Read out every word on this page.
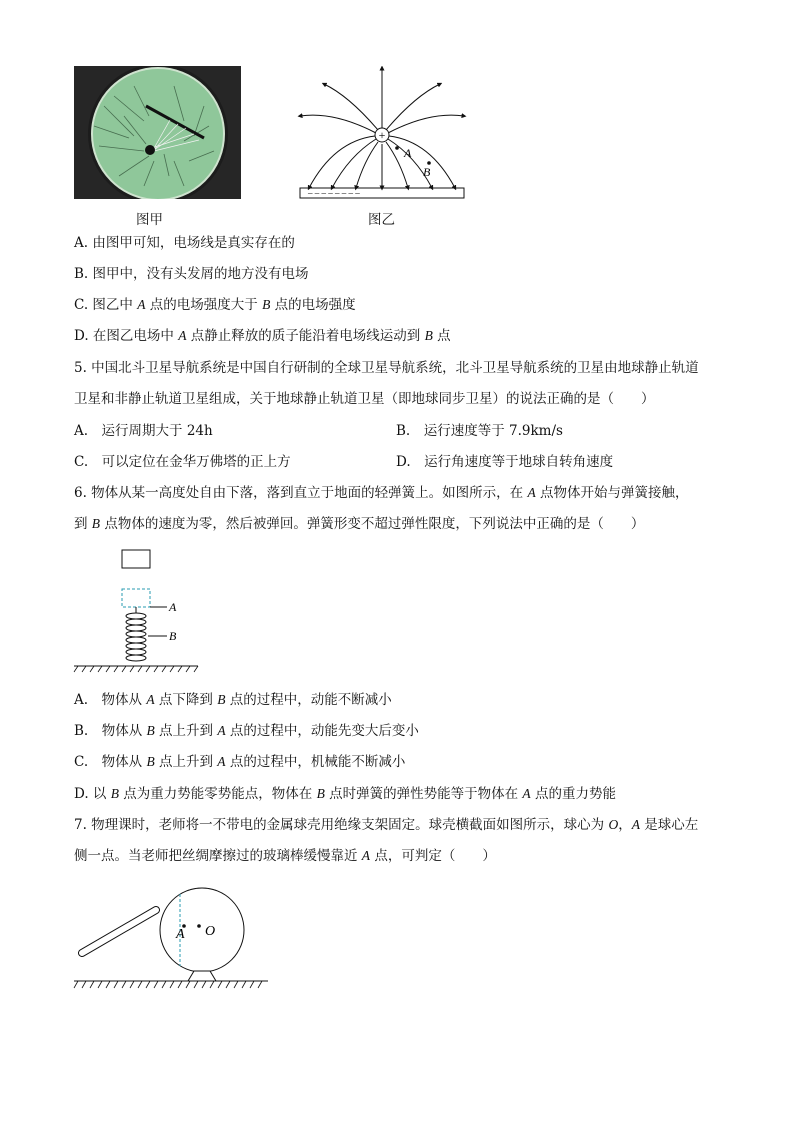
图甲
+
A
B
– – – – – – – –
图乙
A. 由图甲可知，电场线是真实存在的
B. 图甲中，没有头发屑的地方没有电场
C. 图乙中 A 点的电场强度大于 B 点的电场强度
D. 在图乙电场中 A 点静止释放的质子能沿着电场线运动到 B 点
5. 中国北斗卫星导航系统是中国自行研制的全球卫星导航系统，北斗卫星导航系统的卫星由地球静止轨道
卫星和非静止轨道卫星组成，关于地球静止轨道卫星（即地球同步卫星）的说法正确的是（　　）
A.　运行周期大于 24h	B.　运行速度等于 7.9km/s
C.　可以定位在金华万佛塔的正上方	D.　运行角速度等于地球自转角速度
6. 物体从某一高度处自由下落，落到直立于地面的轻弹簧上。如图所示，在 A 点物体开始与弹簧接触，
到 B 点物体的速度为零，然后被弹回。弹簧形变不超过弹性限度，下列说法中正确的是（　　）
A
B
A.　物体从 A 点下降到 B 点的过程中，动能不断减小
B.　物体从 B 点上升到 A 点的过程中，动能先变大后变小
C.　物体从 B 点上升到 A 点的过程中，机械能不断减小
D. 以 B 点为重力势能零势能点，物体在 B 点时弹簧的弹性势能等于物体在 A 点的重力势能
7. 物理课时，老师将一不带电的金属球壳用绝缘支架固定。球壳横截面如图所示，球心为 O，A 是球心左
侧一点。当老师把丝绸摩擦过的玻璃棒缓慢靠近 A 点，可判定（　　）
A O
